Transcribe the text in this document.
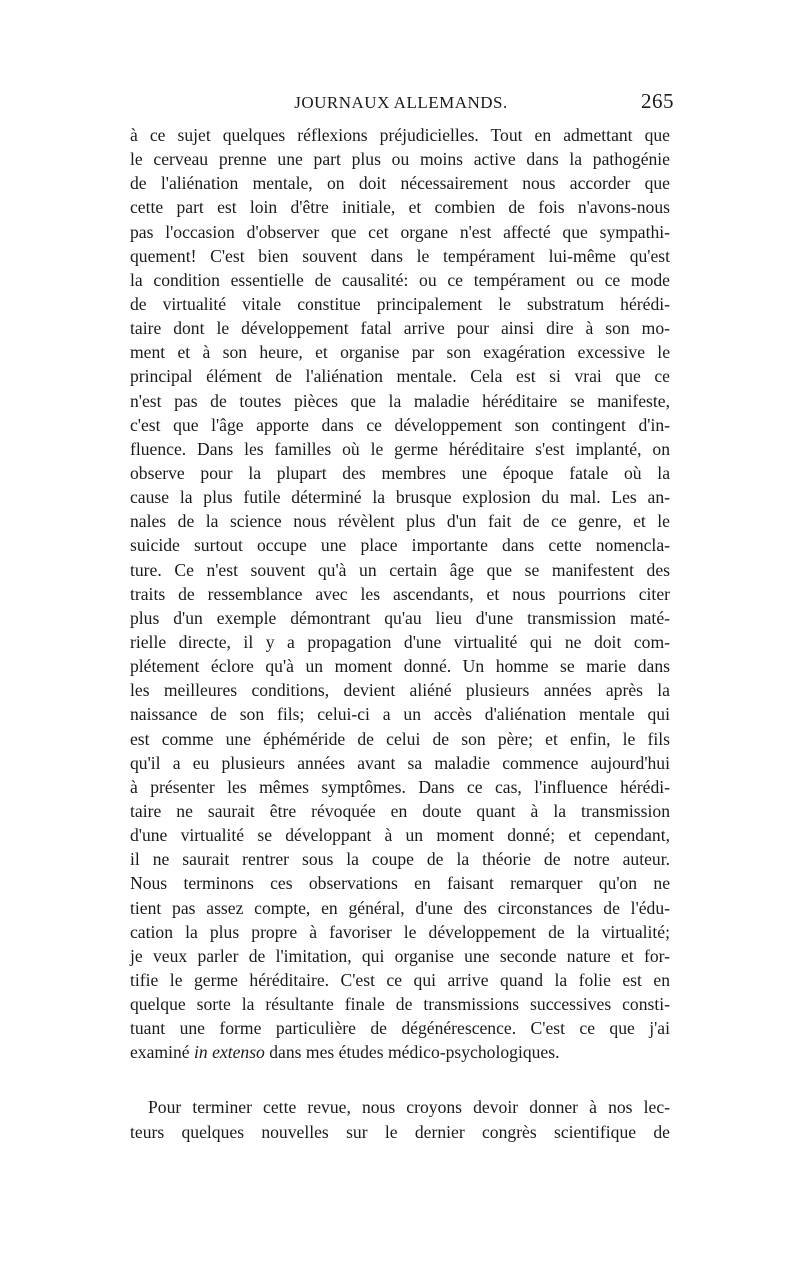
JOURNAUX ALLEMANDS.	265
à ce sujet quelques réflexions préjudicielles. Tout en admettant que
le cerveau prenne une part plus ou moins active dans la pathogénie
de l'aliénation mentale, on doit nécessairement nous accorder que
cette part est loin d'être initiale, et combien de fois n'avons-nous
pas l'occasion d'observer que cet organe n'est affecté que sympathi-
quement! C'est bien souvent dans le tempérament lui-même qu'est
la condition essentielle de causalité: ou ce tempérament ou ce mode
de virtualité vitale constitue principalement le substratum hérédi-
taire dont le développement fatal arrive pour ainsi dire à son mo-
ment et à son heure, et organise par son exagération excessive le
principal élément de l'aliénation mentale. Cela est si vrai que ce
n'est pas de toutes pièces que la maladie héréditaire se manifeste,
c'est que l'âge apporte dans ce développement son contingent d'in-
fluence. Dans les familles où le germe héréditaire s'est implanté, on
observe pour la plupart des membres une époque fatale où la
cause la plus futile déterminé la brusque explosion du mal. Les an-
nales de la science nous révèlent plus d'un fait de ce genre, et le
suicide surtout occupe une place importante dans cette nomencla-
ture. Ce n'est souvent qu'à un certain âge que se manifestent des
traits de ressemblance avec les ascendants, et nous pourrions citer
plus d'un exemple démontrant qu'au lieu d'une transmission maté-
rielle directe, il y a propagation d'une virtualité qui ne doit com-
plétement éclore qu'à un moment donné. Un homme se marie dans
les meilleures conditions, devient aliéné plusieurs années après la
naissance de son fils; celui-ci a un accès d'aliénation mentale qui
est comme une éphéméride de celui de son père; et enfin, le fils
qu'il a eu plusieurs années avant sa maladie commence aujourd'hui
à présenter les mêmes symptômes. Dans ce cas, l'influence hérédi-
taire ne saurait être révoquée en doute quant à la transmission
d'une virtualité se développant à un moment donné; et cependant,
il ne saurait rentrer sous la coupe de la théorie de notre auteur.
Nous terminons ces observations en faisant remarquer qu'on ne
tient pas assez compte, en général, d'une des circonstances de l'édu-
cation la plus propre à favoriser le développement de la virtualité;
je veux parler de l'imitation, qui organise une seconde nature et for-
tifie le germe héréditaire. C'est ce qui arrive quand la folie est en
quelque sorte la résultante finale de transmissions successives consti-
tuant une forme particulière de dégénérescence. C'est ce que j'ai
examiné in extenso dans mes études médico-psychologiques.
Pour terminer cette revue, nous croyons devoir donner à nos lec-
teurs quelques nouvelles sur le dernier congrès scientifique de
